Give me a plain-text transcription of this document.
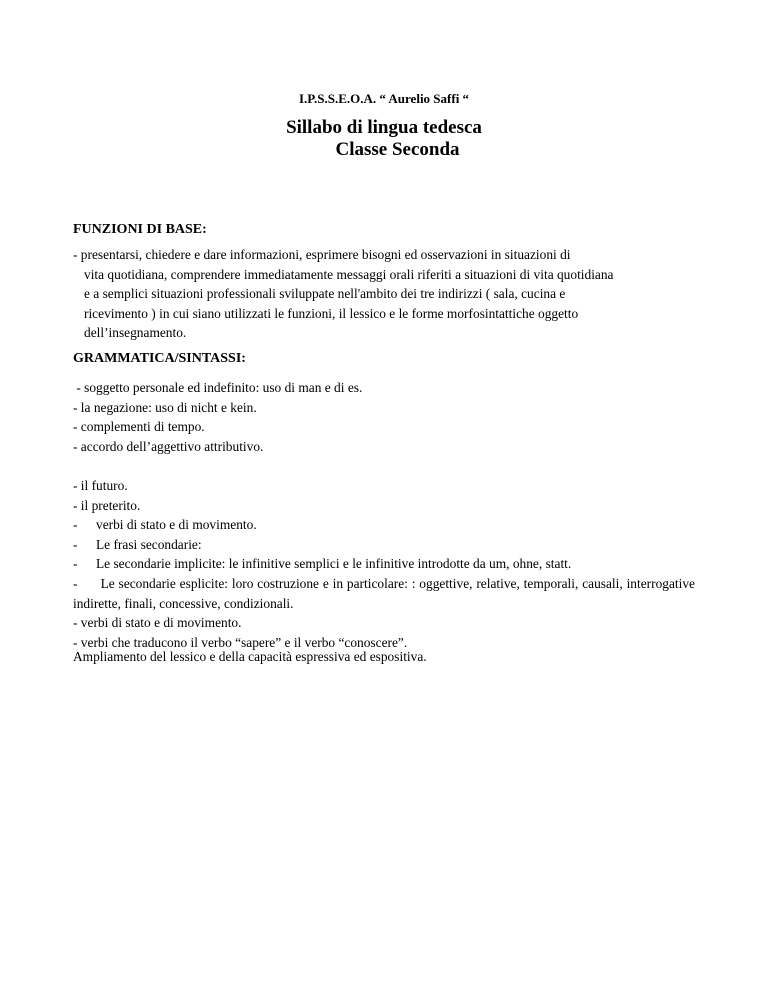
I.P.S.S.E.O.A. “ Aurelio Saffi “
Sillabo di lingua tedesca
Classe Seconda
FUNZIONI DI BASE:
- presentarsi, chiedere e dare informazioni, esprimere bisogni ed osservazioni in situazioni di
vita quotidiana, comprendere immediatamente messaggi orali riferiti a situazioni di vita quotidiana
e a semplici situazioni professionali sviluppate nell'ambito dei tre indirizzi ( sala, cucina e
ricevimento ) in cui siano utilizzati le funzioni, il lessico e le forme morfosintattiche oggetto
dell’insegnamento.
GRAMMATICA/SINTASSI:
- soggetto personale ed indefinito: uso di man e di es.
- la negazione: uso di nicht e kein.
- complementi di tempo.
- accordo dell’aggettivo attributivo.
- il futuro.
- il preterito.
-	verbi di stato e di movimento.
-	Le frasi secondarie:
-	Le secondarie implicite: le infinitive semplici e le infinitive introdotte da um, ohne, statt.
-      Le secondarie esplicite: loro costruzione e in particolare: : oggettive, relative, temporali, causali, interrogative indirette, finali, concessive, condizionali.
- verbi di stato e di movimento.
- verbi che traducono il verbo “sapere” e il verbo “conoscere”.
Ampliamento del lessico e della capacità espressiva ed espositiva.
